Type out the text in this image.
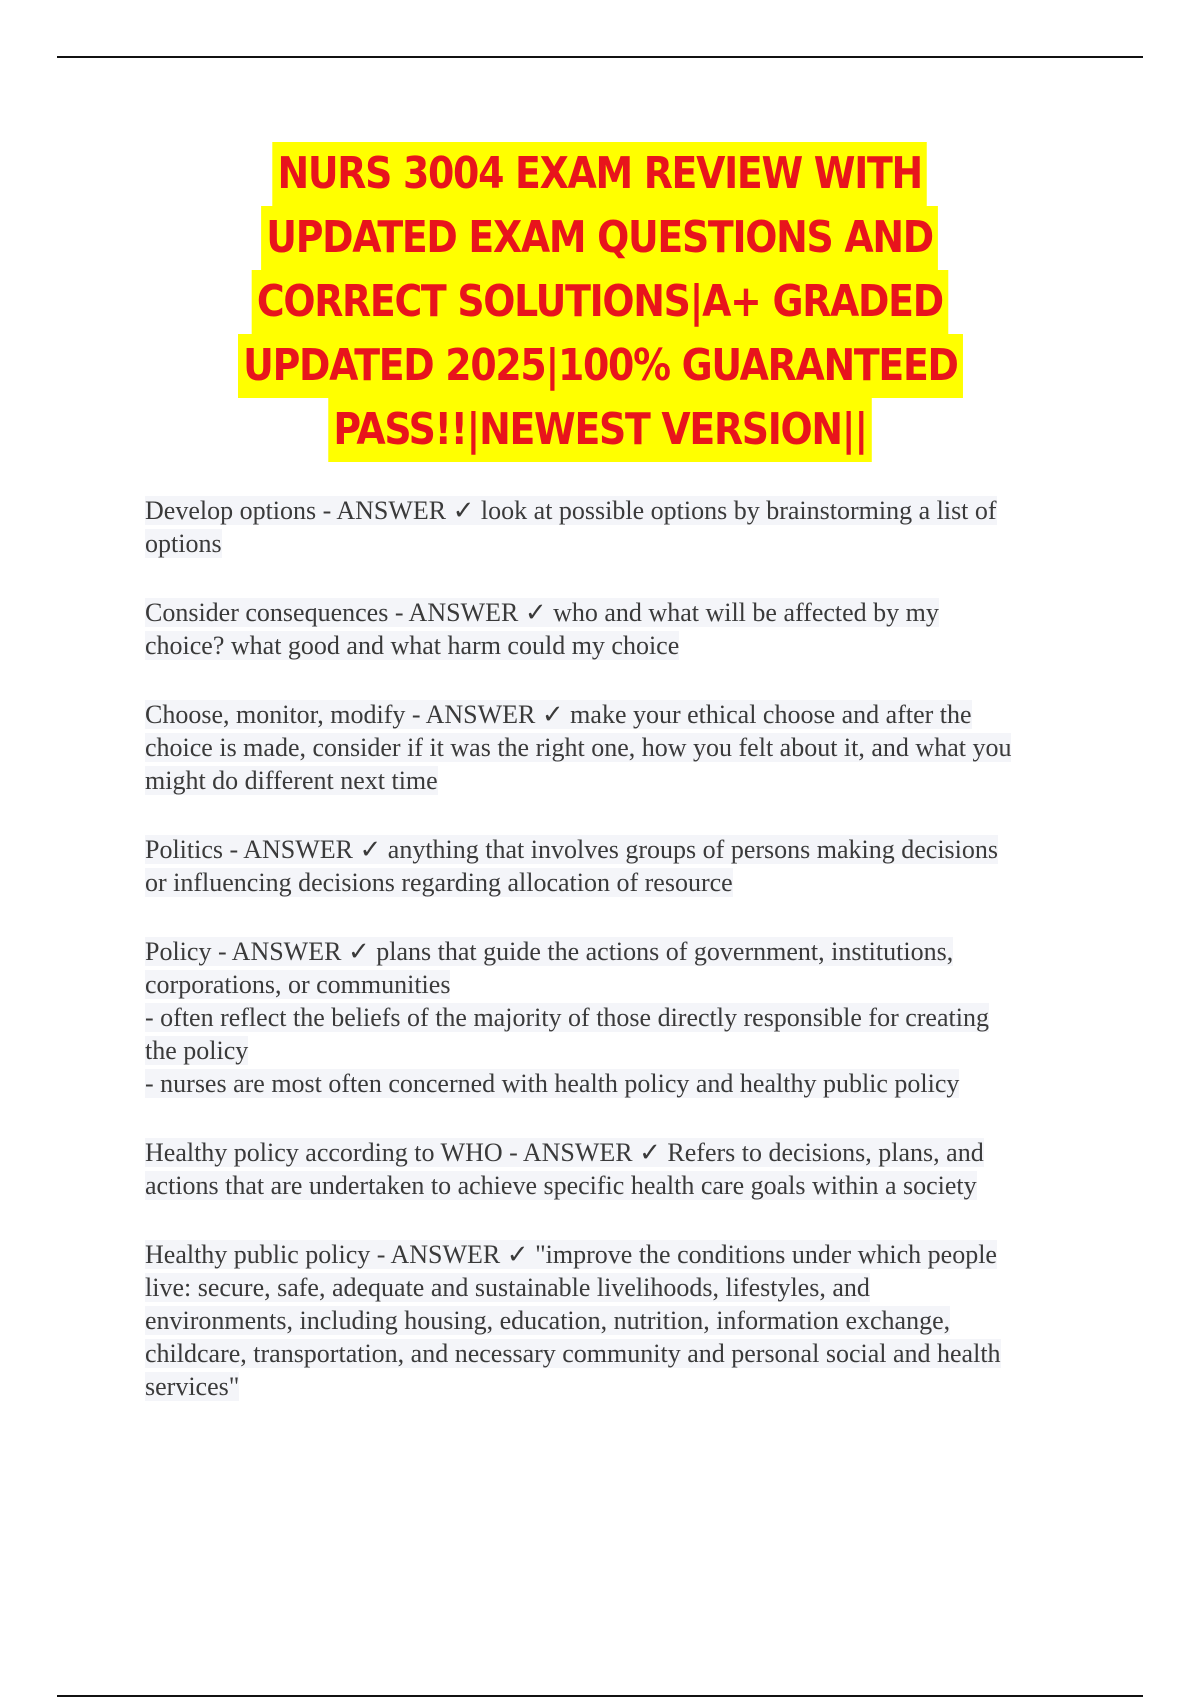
NURS 3004 EXAM REVIEW WITH
UPDATED EXAM QUESTIONS AND
CORRECT SOLUTIONS|A+ GRADED
UPDATED 2025|100% GUARANTEED
PASS!!|NEWEST VERSION||
Develop options - ANSWER ✓ look at possible options by brainstorming a list of
options
Consider consequences - ANSWER ✓ who and what will be affected by my
choice? what good and what harm could my choice
Choose, monitor, modify - ANSWER ✓ make your ethical choose and after the
choice is made, consider if it was the right one, how you felt about it, and what you
might do different next time
Politics - ANSWER ✓ anything that involves groups of persons making decisions
or influencing decisions regarding allocation of resource
Policy - ANSWER ✓ plans that guide the actions of government, institutions,
corporations, or communities
- often reflect the beliefs of the majority of those directly responsible for creating
the policy
- nurses are most often concerned with health policy and healthy public policy
Healthy policy according to WHO - ANSWER ✓ Refers to decisions, plans, and
actions that are undertaken to achieve specific health care goals within a society
Healthy public policy - ANSWER ✓ "improve the conditions under which people
live: secure, safe, adequate and sustainable livelihoods, lifestyles, and
environments, including housing, education, nutrition, information exchange,
childcare, transportation, and necessary community and personal social and health
services"
